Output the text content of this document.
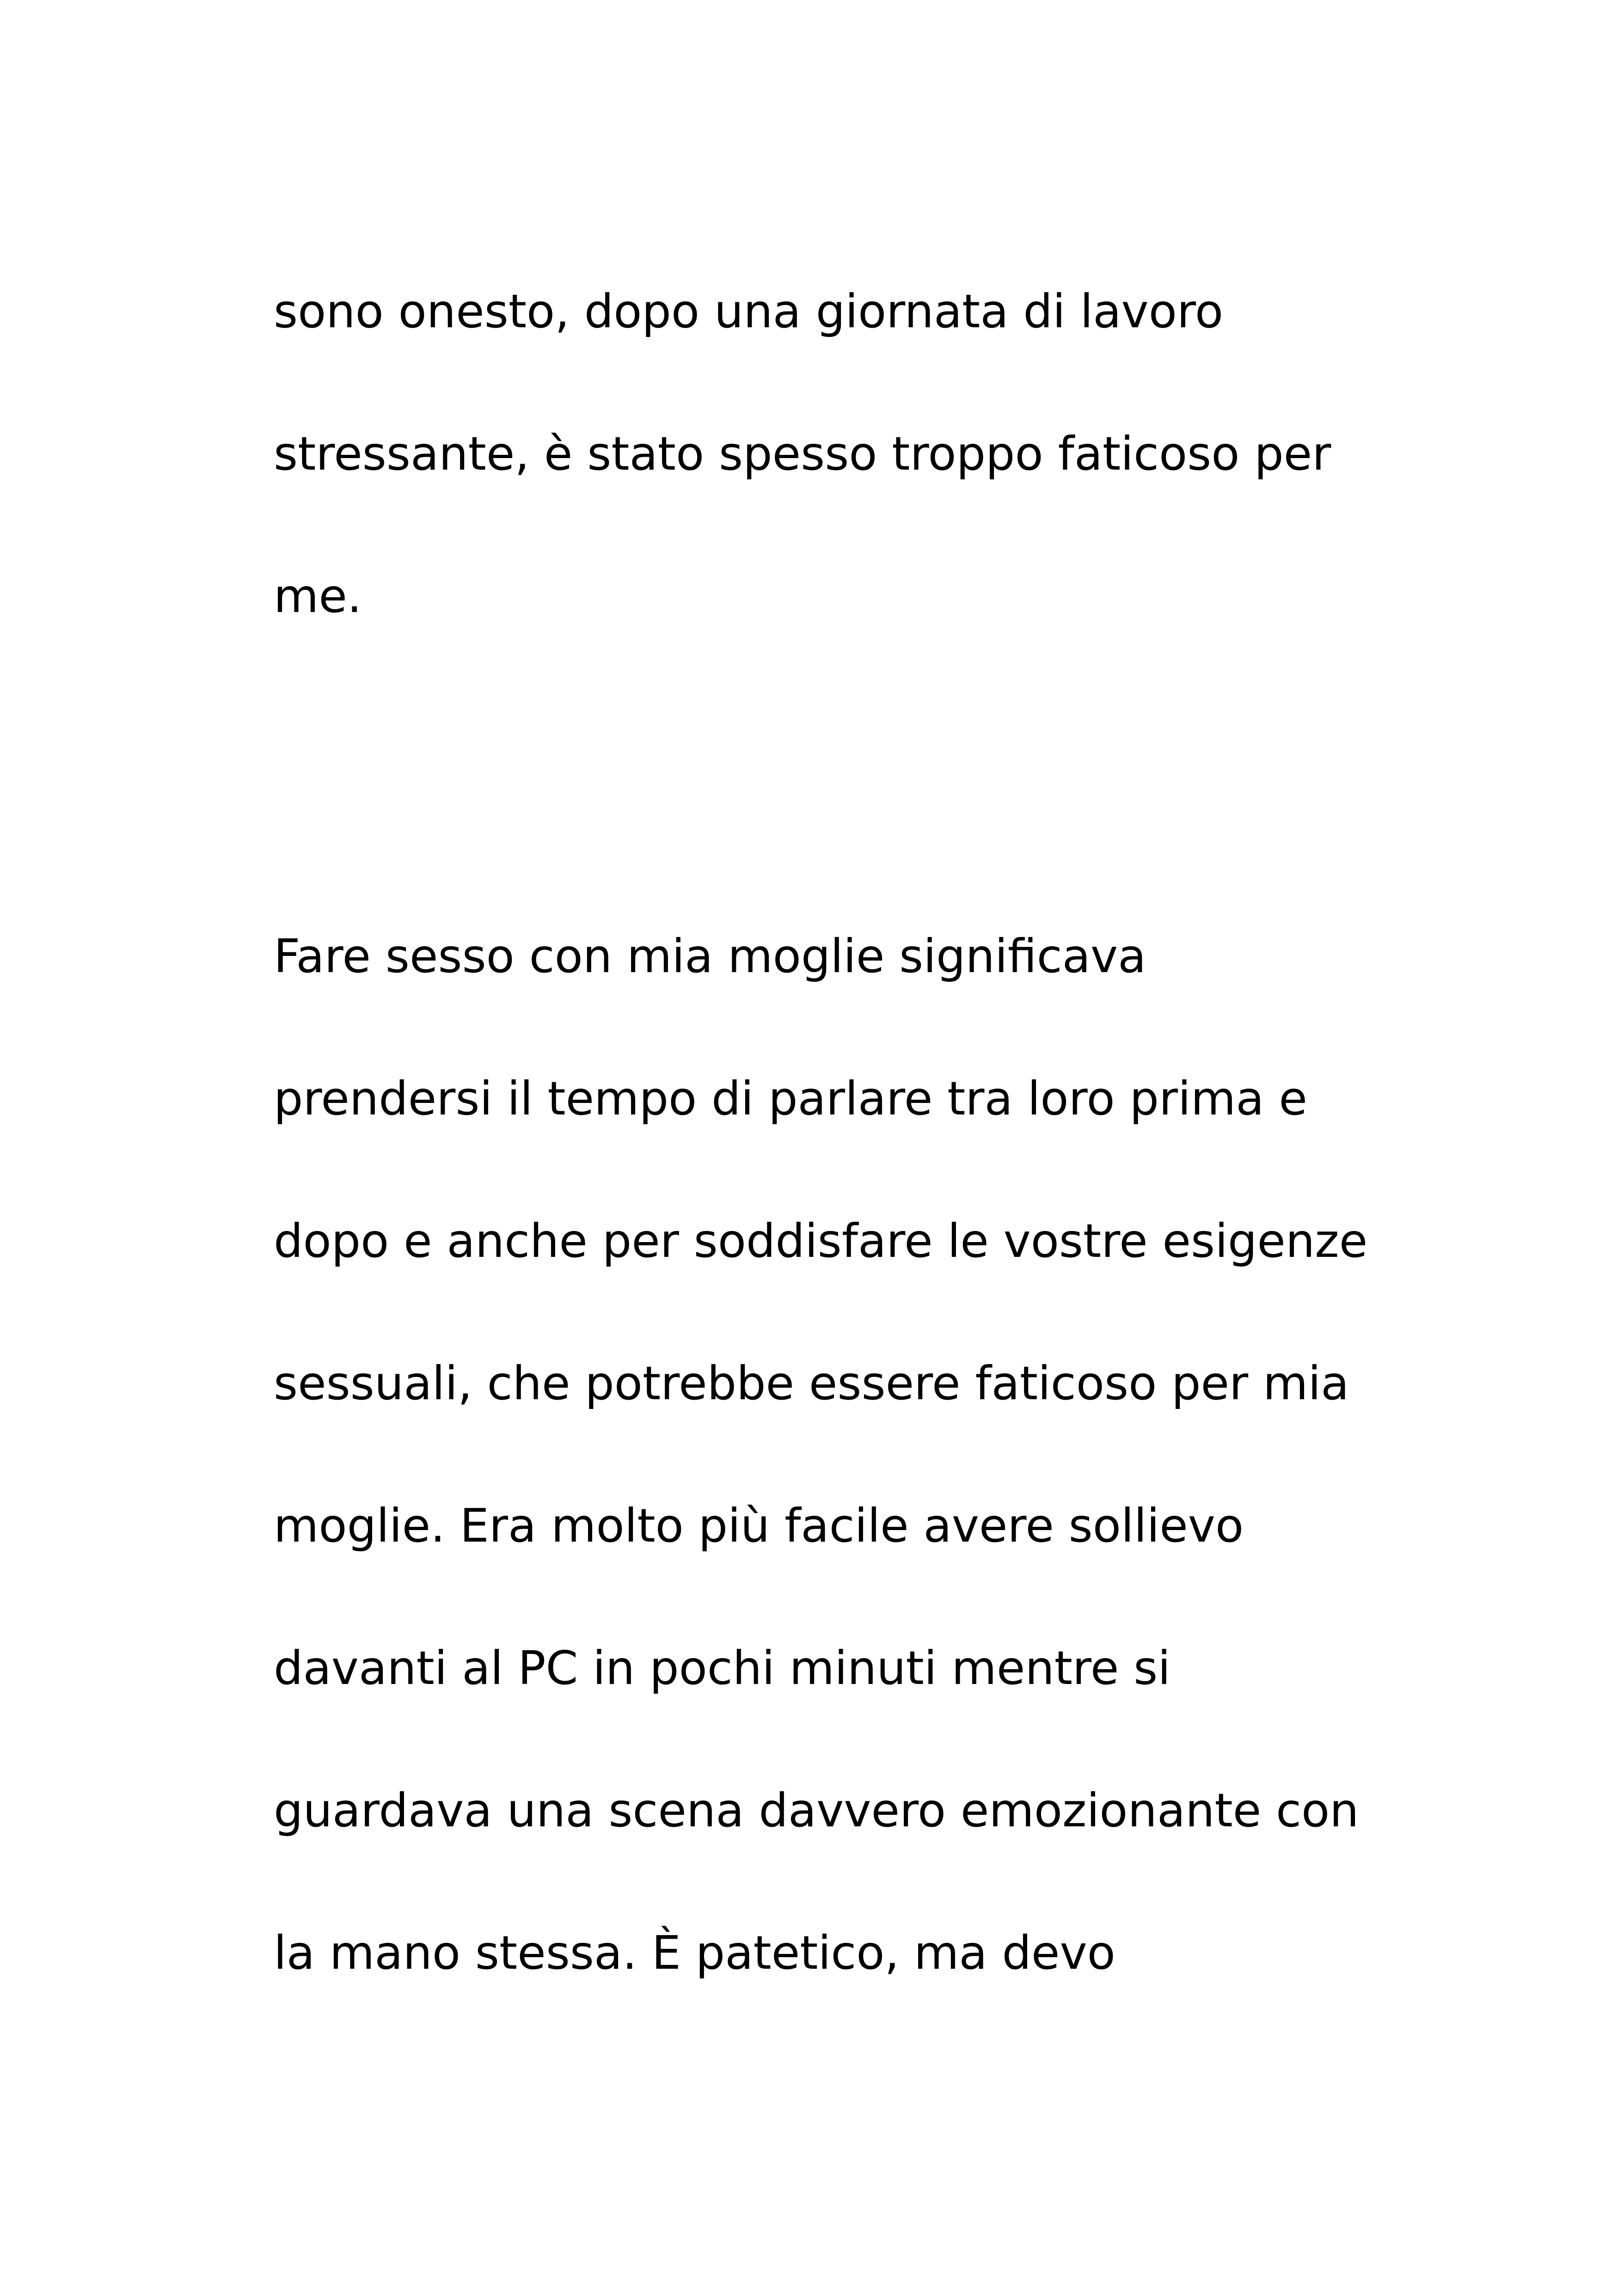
sono onesto, dopo una giornata di lavoro
stressante, è stato spesso troppo faticoso per
me.

Fare sesso con mia moglie significava
prendersi il tempo di parlare tra loro prima e
dopo e anche per soddisfare le vostre esigenze
sessuali, che potrebbe essere faticoso per mia
moglie. Era molto più facile avere sollievo
davanti al PC in pochi minuti mentre si
guardava una scena davvero emozionante con
la mano stessa. È patetico, ma devo
